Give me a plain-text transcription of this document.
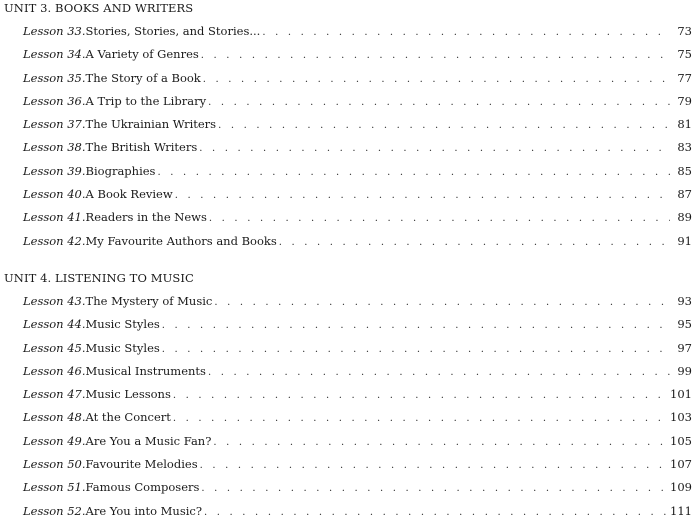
UNIT 3. BOOKS AND WRITERS
Lesson 33. Stories, Stories, and Stories... . . .	73
Lesson 34. A Variety of Genres . . .	75
Lesson 35. The Story of a Book . . .	77
Lesson 36. A Trip to the Library . . .	79
Lesson 37. The Ukrainian Writers . . .	81
Lesson 38. The British Writers . . .	83
Lesson 39. Biographies . . .	85
Lesson 40. A Book Review . . .	87
Lesson 41. Readers in the News . . .	89
Lesson 42. My Favourite Authors and Books . . .	91
UNIT 4. LISTENING TO MUSIC
Lesson 43. The Mystery of Music . . .	93
Lesson 44. Music Styles . . .	95
Lesson 45. Music Styles . . .	97
Lesson 46. Musical Instruments . . .	99
Lesson 47. Music Lessons . . .	101
Lesson 48. At the Concert . . .	103
Lesson 49. Are You a Music Fan? . . .	105
Lesson 50. Favourite Melodies . . .	107
Lesson 51. Famous Composers . . .	109
Lesson 52. Are You into Music? . . .	111
